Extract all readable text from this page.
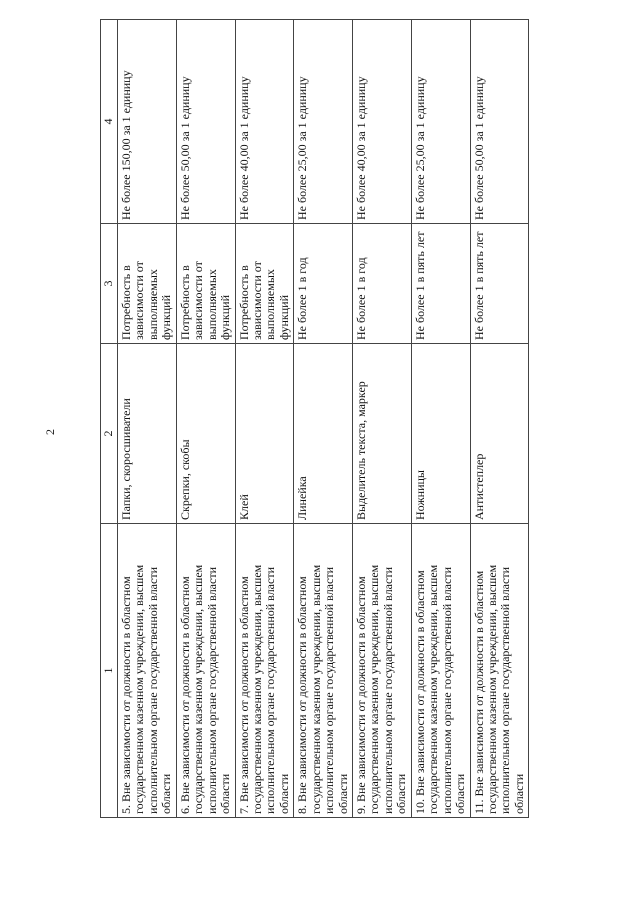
2
1	2	3	4
5. Вне зависимости от должности в областном государственном казенном учреждении, высшем исполнительном органе государственной власти области	Папки, скоросшиватели	Потребность в зависимости от выполняемых функций	Не более 150,00 за 1 единицу
6. Вне зависимости от должности в областном государственном казенном учреждении, высшем исполнительном органе государственной власти области	Скрепки, скобы	Потребность в зависимости от выполняемых функций	Не более 50,00 за 1 единицу
7. Вне зависимости от должности в областном государственном казенном учреждении, высшем исполнительном органе государственной власти области	Клей	Потребность в зависимости от выполняемых функций	Не более 40,00 за 1 единицу
8. Вне зависимости от должности в областном государственном казенном учреждении, высшем исполнительном органе государственной власти области	Линейка	Не более 1 в год	Не более 25,00 за 1 единицу
9. Вне зависимости от должности в областном государственном казенном учреждении, высшем исполнительном органе государственной власти области	Выделитель текста, маркер	Не более 1 в год	Не более 40,00 за 1 единицу
10. Вне зависимости от должности в областном государственном казенном учреждении, высшем исполнительном органе государственной власти области	Ножницы	Не более 1 в пять лет	Не более 25,00 за 1 единицу
11. Вне зависимости от должности в областном государственном казенном учреждении, высшем исполнительном органе государственной власти области	Антистеплер	Не более 1 в пять лет	Не более 50,00 за 1 единицу
